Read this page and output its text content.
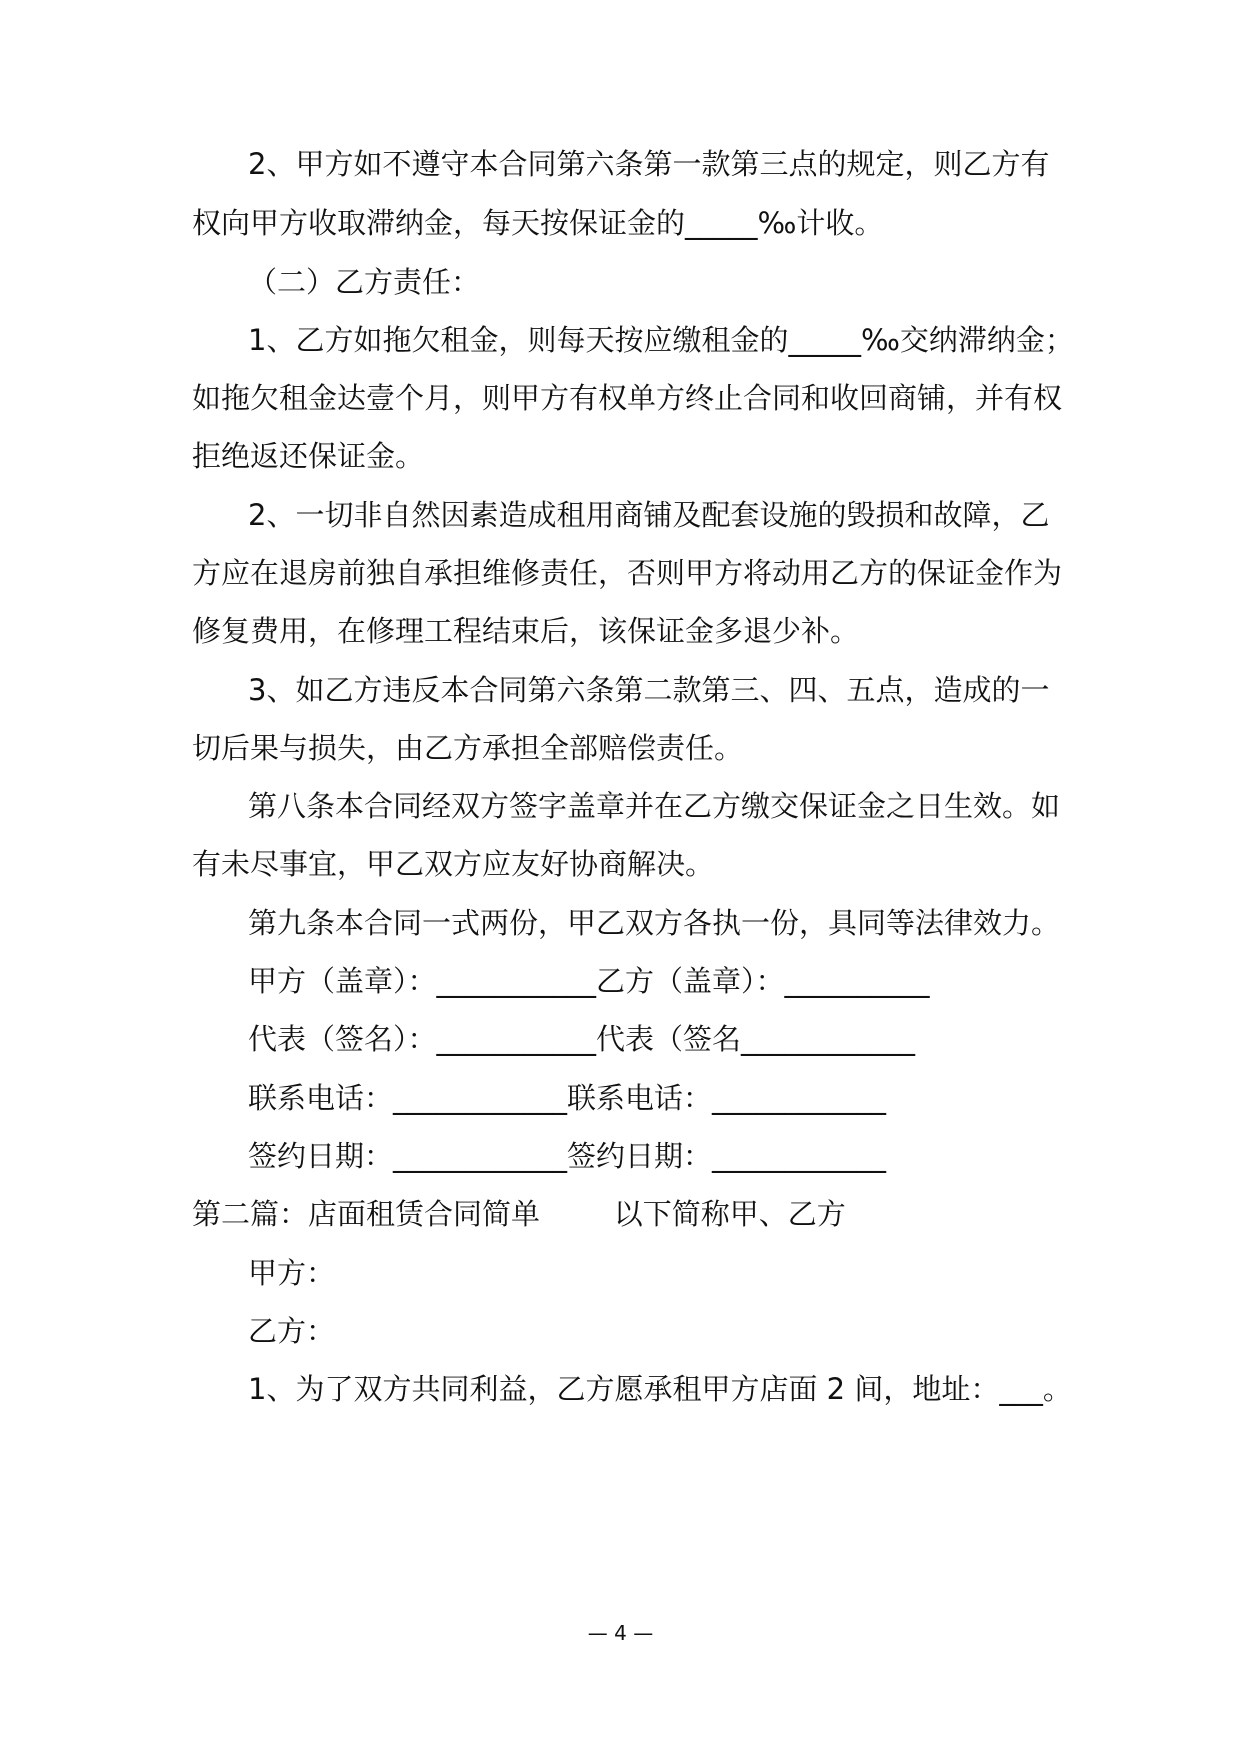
2、甲方如不遵守本合同第六条第一款第三点的规定，则乙方有
权向甲方收取滞纳金，每天按保证金的_____‰计收。
（二）乙方责任：
1、乙方如拖欠租金，则每天按应缴租金的_____‰交纳滞纳金；
如拖欠租金达壹个月，则甲方有权单方终止合同和收回商铺，并有权
拒绝返还保证金。
2、一切非自然因素造成租用商铺及配套设施的毁损和故障，乙
方应在退房前独自承担维修责任，否则甲方将动用乙方的保证金作为
修复费用，在修理工程结束后，该保证金多退少补。
3、如乙方违反本合同第六条第二款第三、四、五点，造成的一
切后果与损失，由乙方承担全部赔偿责任。
第八条本合同经双方签字盖章并在乙方缴交保证金之日生效。如
有未尽事宜，甲乙双方应友好协商解决。
第九条本合同一式两份，甲乙双方各执一份，具同等法律效力。
甲方（盖章）：___________乙方（盖章）：__________
代表（签名）：___________代表（签名____________
联系电话：____________联系电话：____________
签约日期：____________签约日期：____________
第二篇：店面租赁合同简单        以下简称甲、乙方
甲方：
乙方：
1、为了双方共同利益，乙方愿承租甲方店面 2 间，地址：___。
— 4 —
